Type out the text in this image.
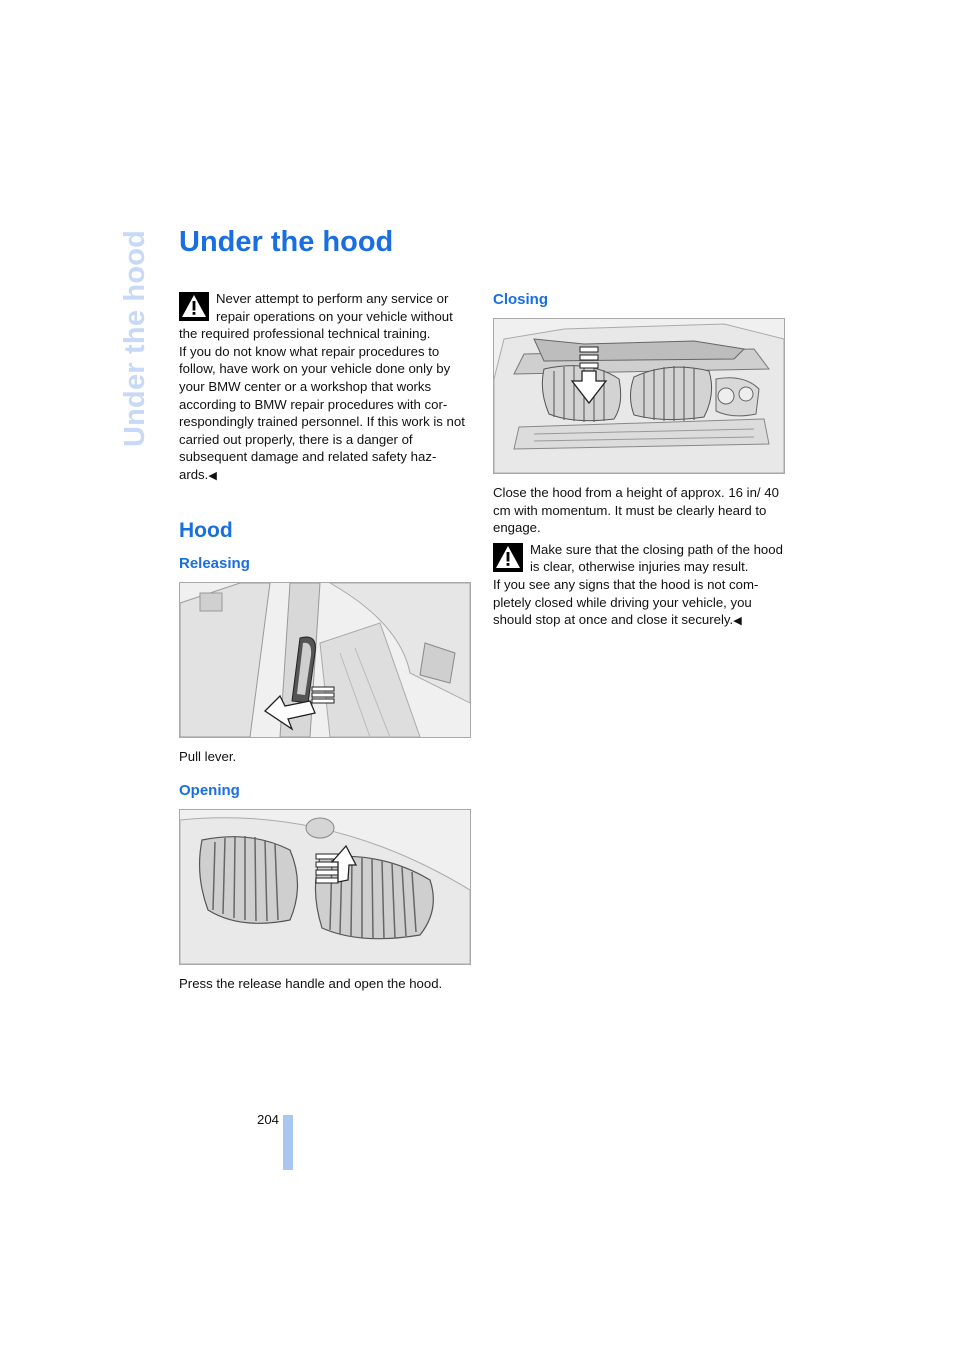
Under the hood Under the hood

Never attempt to perform any service or repair operations on your vehicle without the required professional technical training.

If you do not know what repair procedures to follow, have work on your vehicle done only by your BMW center or a workshop that works according to BMW repair procedures with cor-respondingly trained personnel. If this work is not carried out properly, there is a danger of subsequent damage and related safety haz-ards.◀

Hood
Releasing

Pull lever.

Opening

Press the release handle and open the hood.

Closing

Close the hood from a height of approx. 16 in/ 40 cm with momentum. It must be clearly heard to engage.

Make sure that the closing path of the hood is clear, otherwise injuries may result.

If you see any signs that the hood is not com-pletely closed while driving your vehicle, you should stop at once and close it securely.◀

204
